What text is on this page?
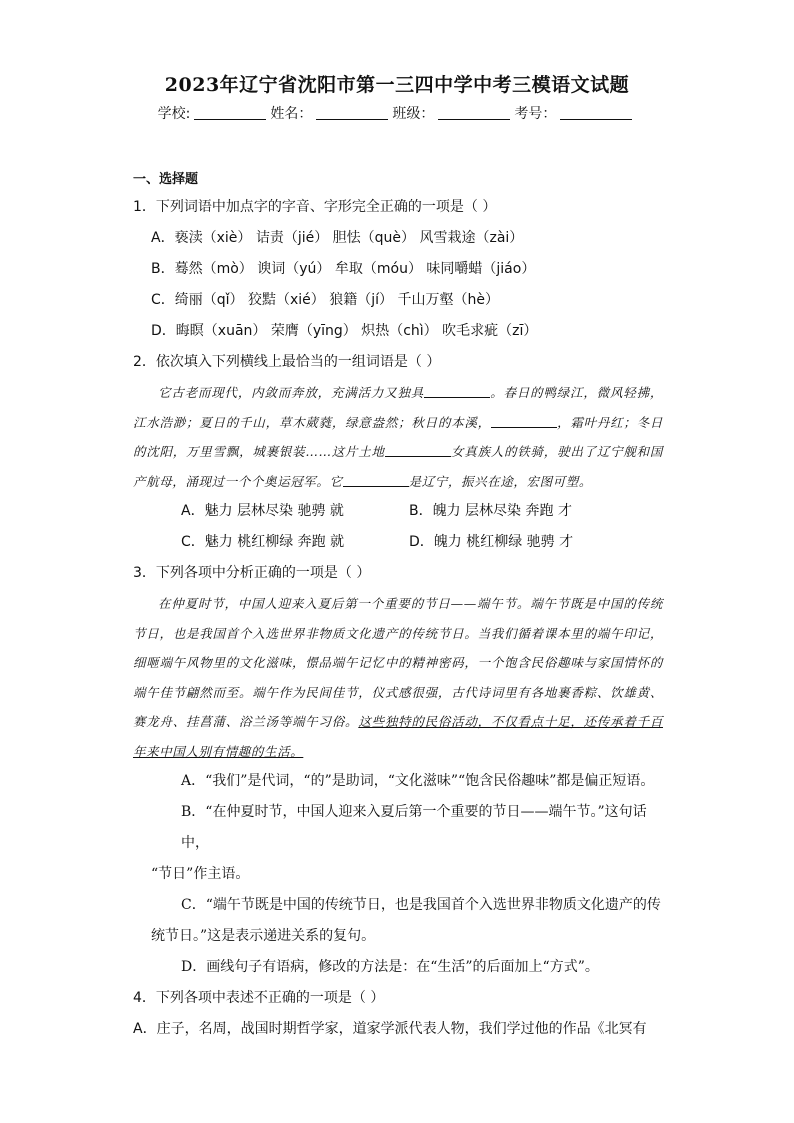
2023年辽宁省沈阳市第一三四中学中考三模语文试题
学校:	姓名：	班级：	考号：
一、选择题
1．下列词语中加点字的字音、字形完全正确的一项是（ ）
A．亵渎（xiè） 诘责（jié） 胆怯（què） 风雪栽途（zài）
B．蓦然（mò） 谀词（yú） 牟取（móu） 味同嚼蜡（jiáo）
C．绮丽（qǐ） 狡黠（xié） 狼籍（jí） 千山万壑（hè）
D．晦瞑（xuān） 荣膺（yīng） 炽热（chì） 吹毛求疵（zī）
2．依次填入下列横线上最恰当的一组词语是（ ）
它古老而现代，内敛而奔放，充满活力又独具	。春日的鸭绿江，微风轻拂，江水浩渺；夏日的千山，草木葳蕤，绿意盎然；秋日的本溪，	，霜叶丹红；冬日的沈阳，万里雪飘，城裹银装……这片土地	女真族人的铁骑，驶出了辽宁舰和国产航母，涌现过一个个奥运冠军。它	是辽宁，振兴在途，宏图可塑。
A．魅力 层林尽染 驰骋 就	B．魄力 层林尽染 奔跑 才
C．魅力 桃红柳绿 奔跑 就	D．魄力 桃红柳绿 驰骋 才
3．下列各项中分析正确的一项是（ ）
在仲夏时节，中国人迎来入夏后第一个重要的节日——端午节。端午节既是中国的传统节日，也是我国首个入选世界非物质文化遗产的传统节日。当我们循着课本里的端午印记，细咂端午风物里的文化滋味，憬品端午记忆中的精神密码，一个饱含民俗趣味与家国情怀的端午佳节翩然而至。端午作为民间佳节，仪式感很强，古代诗词里有各地裹香粽、饮雄黄、赛龙舟、挂菖蒲、浴兰汤等端午习俗。这些独特的民俗活动，不仅看点十足，还传承着千百年来中国人别有情趣的生活。
A．“我们”是代词，“的”是助词，“文化滋味”“饱含民俗趣味”都是偏正短语。
B．“在仲夏时节，中国人迎来入夏后第一个重要的节日——端午节。”这句话中，
“节日”作主语。
C．“端午节既是中国的传统节日，也是我国首个入选世界非物质文化遗产的传
统节日。”这是表示递进关系的复句。
D．画线句子有语病，修改的方法是：在“生活”的后面加上“方式”。
4．下列各项中表述不正确的一项是（ ）
A．庄子，名周，战国时期哲学家，道家学派代表人物，我们学过他的作品《北冥有
